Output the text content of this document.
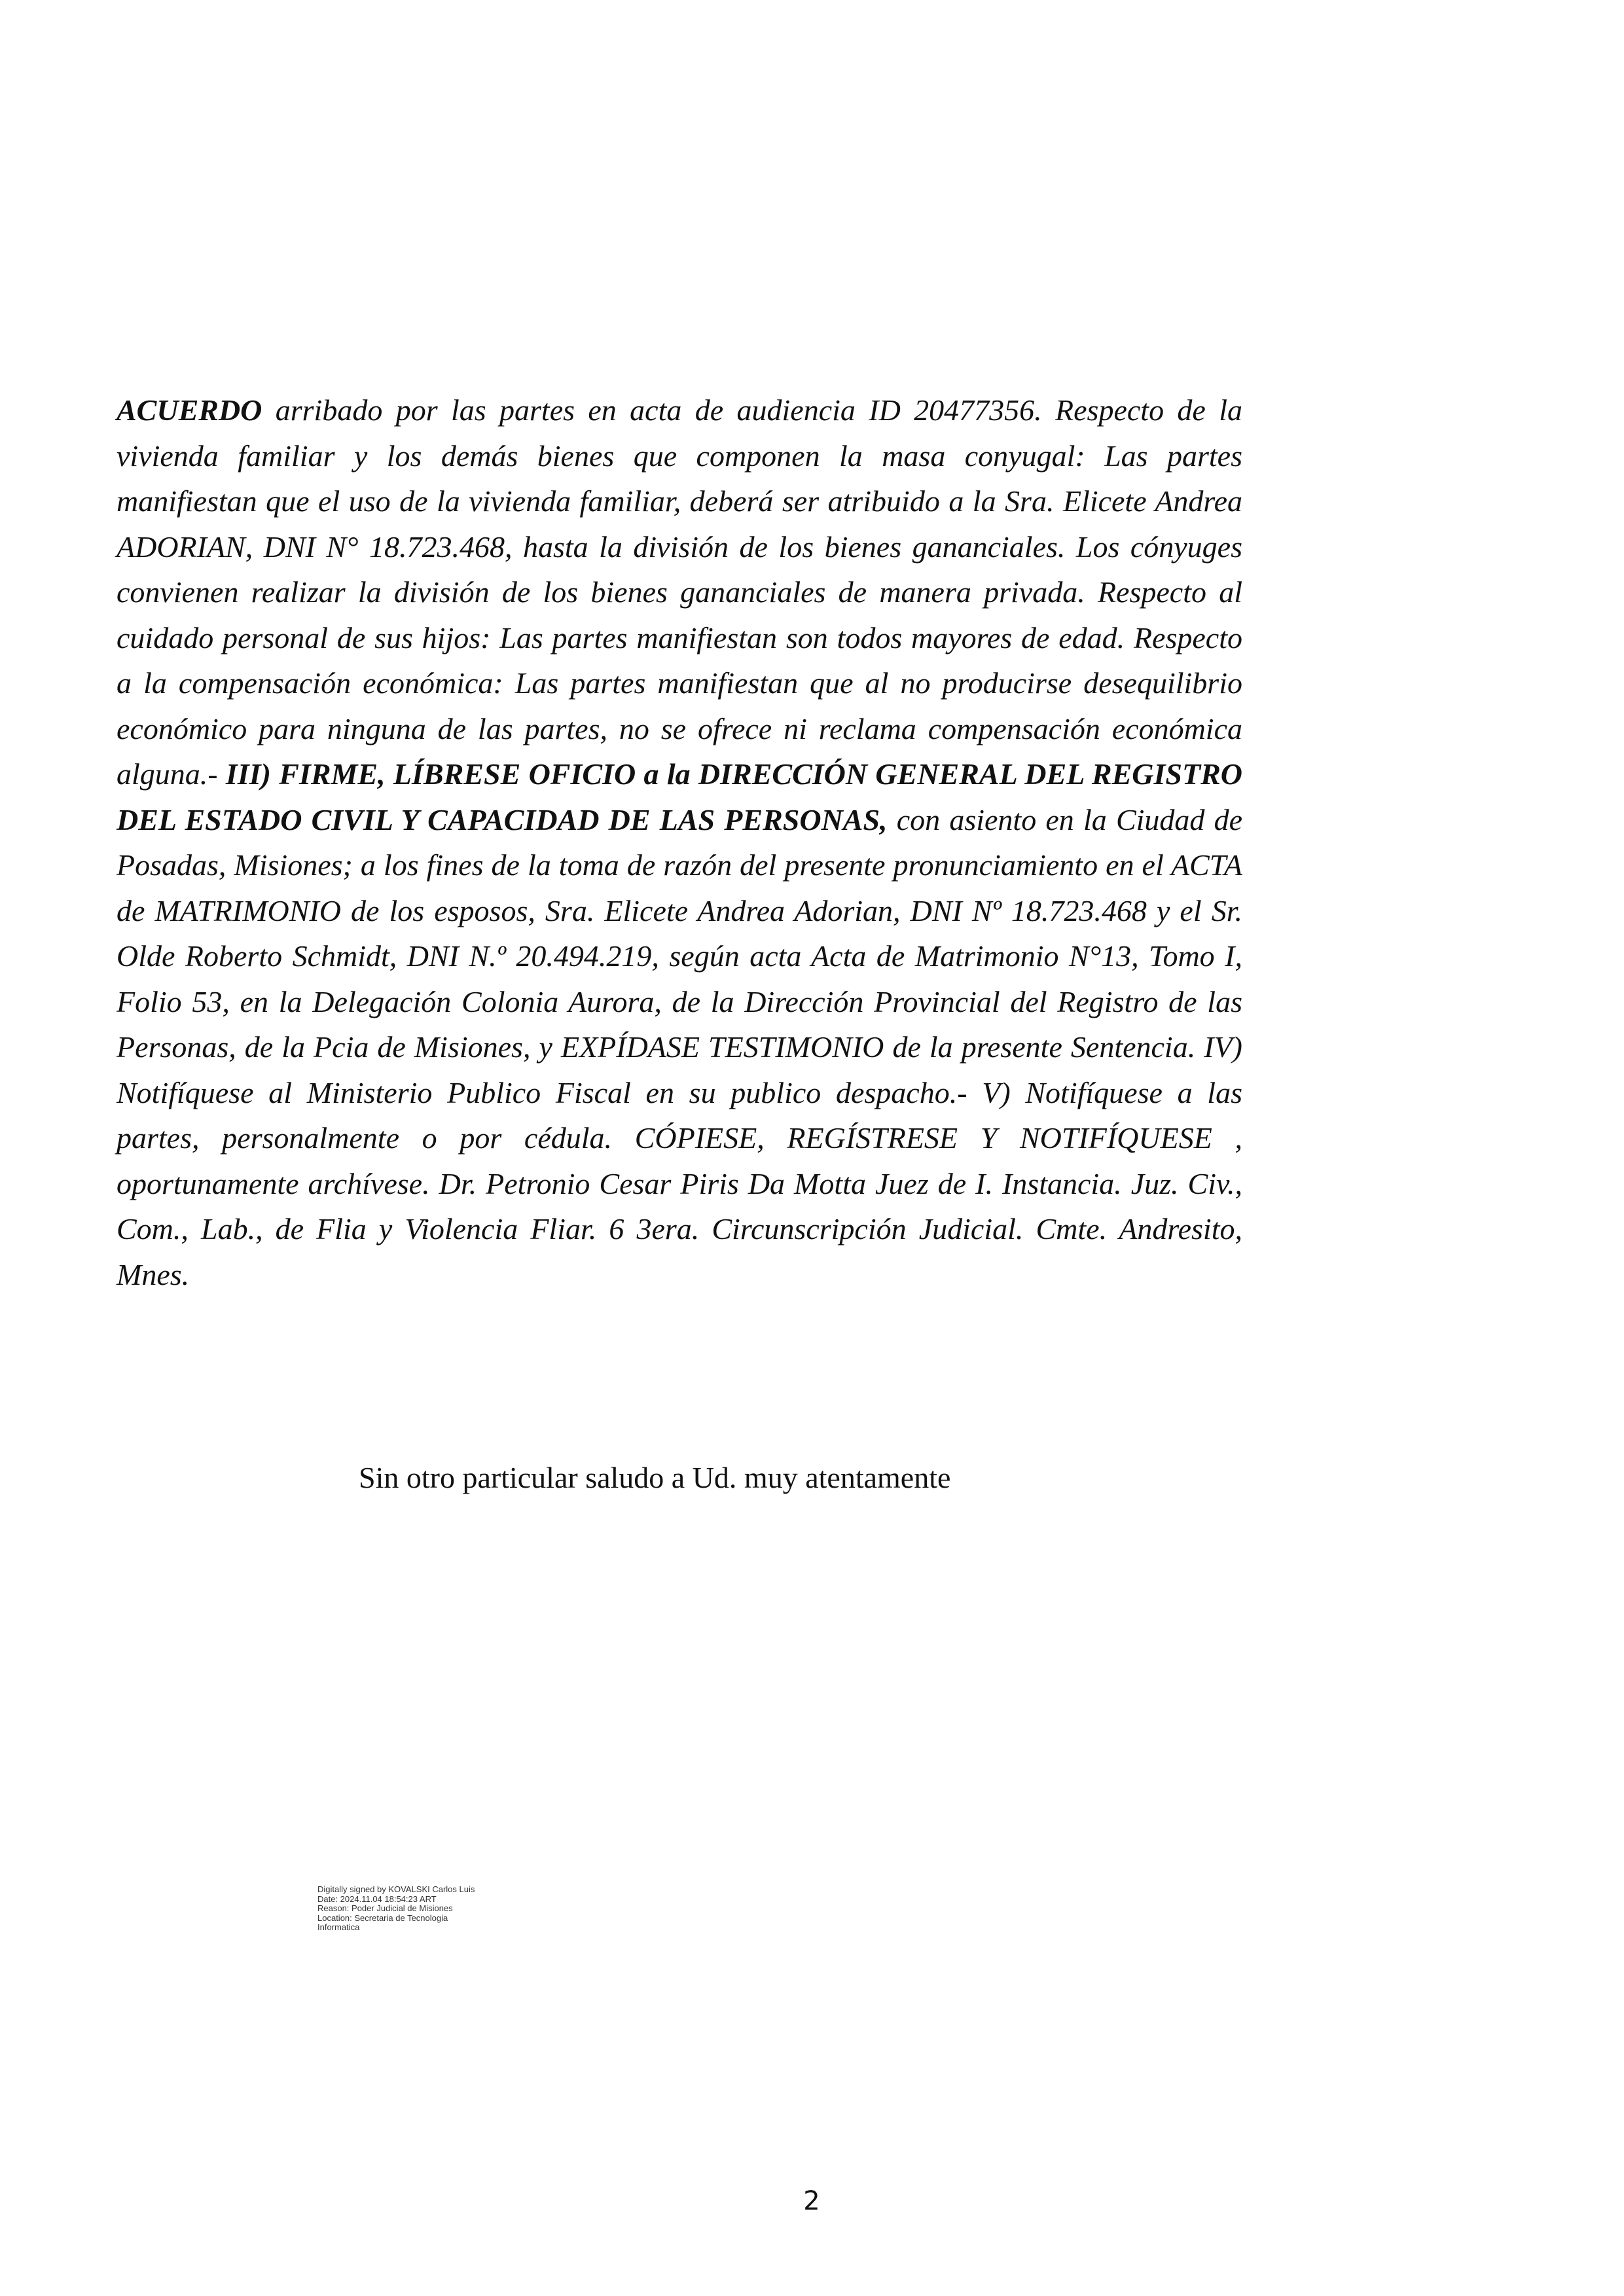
ACUERDO arribado por las partes en acta de audiencia ID 20477356. Respecto de la vivienda familiar y los demás bienes que componen la masa conyugal: Las partes manifiestan que el uso de la vivienda familiar, deberá ser atribuido a la Sra. Elicete Andrea ADORIAN, DNI N° 18.723.468, hasta la división de los bienes gananciales. Los cónyuges convienen realizar la división de los bienes gananciales de manera privada. Respecto al cuidado personal de sus hijos: Las partes manifiestan son todos mayores de edad. Respecto a la compensación económica: Las partes manifiestan que al no producirse desequilibrio económico para ninguna de las partes, no se ofrece ni reclama compensación económica alguna.- III) FIRME, LÍBRESE OFICIO a la DIRECCIÓN GENERAL DEL REGISTRO DEL ESTADO CIVIL Y CAPACIDAD DE LAS PERSONAS, con asiento en la Ciudad de Posadas, Misiones; a los fines de la toma de razón del presente pronunciamiento en el ACTA de MATRIMONIO de los esposos, Sra. Elicete Andrea Adorian, DNI Nº 18.723.468 y el Sr. Olde Roberto Schmidt, DNI N.º 20.494.219, según acta Acta de Matrimonio N°13, Tomo I, Folio 53, en la Delegación Colonia Aurora, de la Dirección Provincial del Registro de las Personas, de la Pcia de Misiones, y EXPÍDASE TESTIMONIO de la presente Sentencia. IV) Notifíquese al Ministerio Publico Fiscal en su publico despacho.- V) Notifíquese a las partes, personalmente o por cédula. CÓPIESE, REGÍSTRESE Y NOTIFÍQUESE , oportunamente archívese. Dr. Petronio Cesar Piris Da Motta Juez de I. Instancia. Juz. Civ., Com., Lab., de Flia y Violencia Fliar. 6 3era. Circunscripción Judicial. Cmte. Andresito, Mnes.

Sin otro particular saludo a Ud. muy atentamente

Digitally signed by KOVALSKI Carlos Luis
Date: 2024.11.04 18:54:23 ART
Reason: Poder Judicial de Misiones
Location: Secretaria de Tecnologia
Informatica
2
